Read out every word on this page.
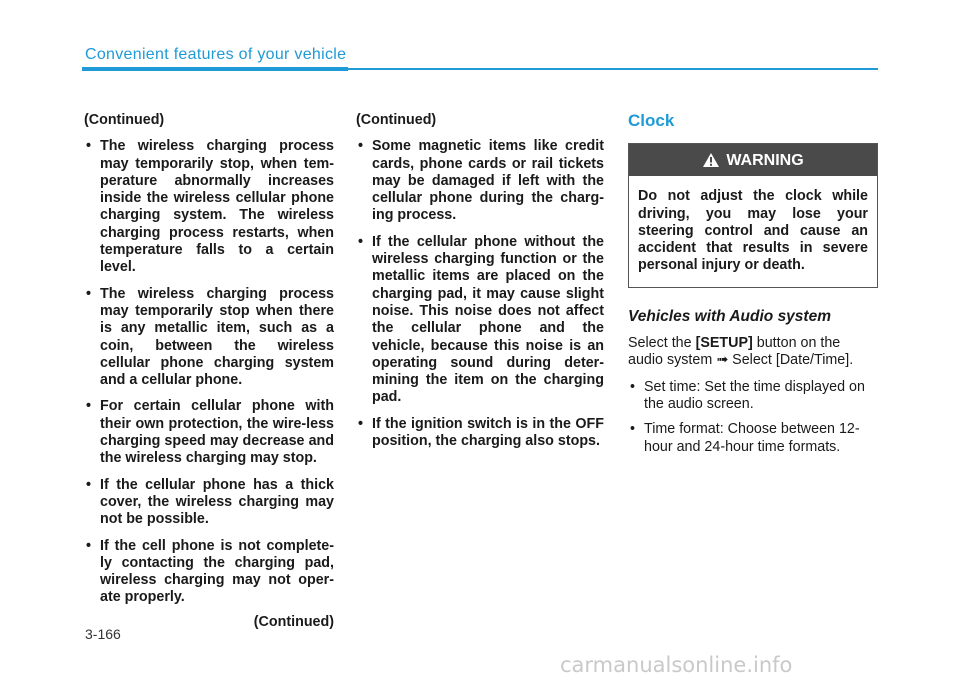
Convenient features of your vehicle
(Continued)
• The wireless charging process may temporarily stop, when tem-perature abnormally increases inside the wireless cellular phone charging system. The wireless charging process restarts, when temperature falls to a certain level.
• The wireless charging process may temporarily stop when there is any metallic item, such as a coin, between the wireless cellular phone charging system and a cellular phone.
• For certain cellular phone with their own protection, the wire-less charging speed may decrease and the wireless charging may stop.
• If the cellular phone has a thick cover, the wireless charging may not be possible.
• If the cell phone is not complete-ly contacting the charging pad, wireless charging may not oper-ate properly.
(Continued)
(Continued)
• Some magnetic items like credit cards, phone cards or rail tickets may be damaged if left with the cellular phone during the charg-ing process.
• If the cellular phone without the wireless charging function or the metallic items are placed on the charging pad, it may cause slight noise. This noise does not affect the cellular phone and the vehicle, because this noise is an operating sound during deter-mining the item on the charging pad.
• If the ignition switch is in the OFF position, the charging also stops.
Clock
WARNING
Do not adjust the clock while driving, you may lose your steering control and cause an accident that results in severe personal injury or death.
Vehicles with Audio system

Select the [SETUP] button on the audio system ➟ Select [Date/Time].

• Set time: Set the time displayed on the audio screen.
• Time format: Choose between 12-hour and 24-hour time formats.
3-166
carmanualsonline.info
